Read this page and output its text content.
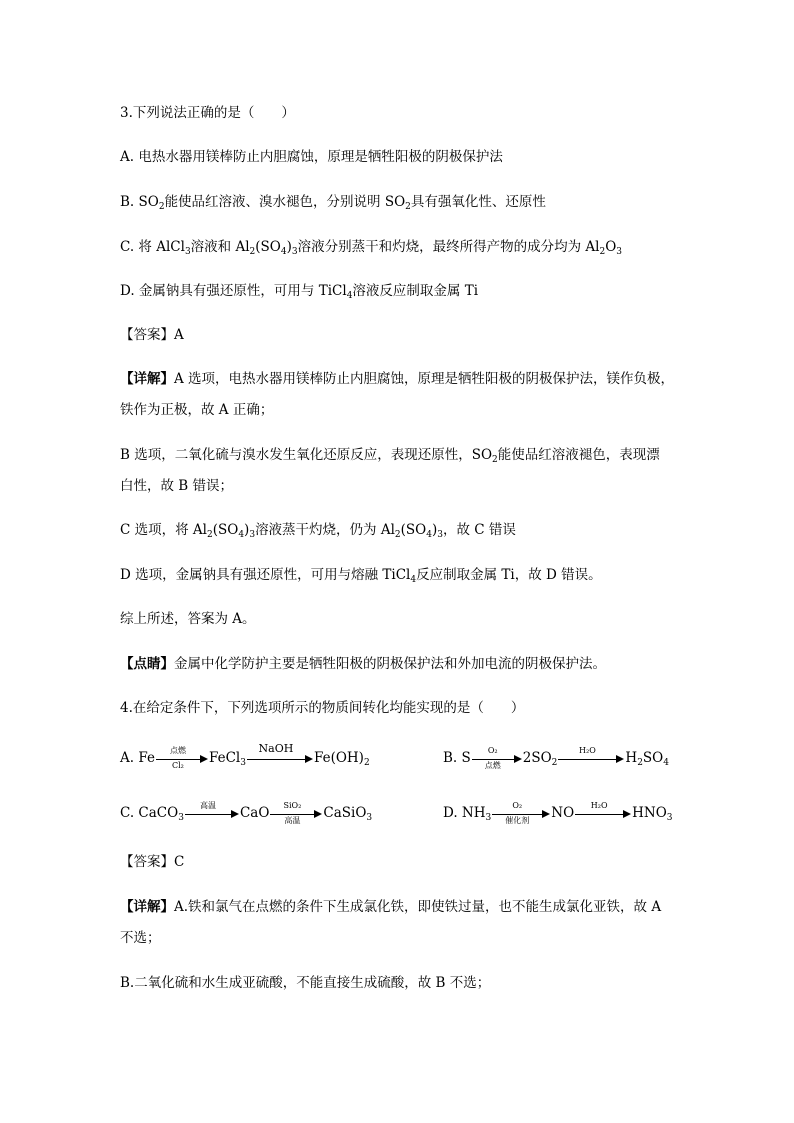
3.下列说法正确的是（　　）
A. 电热水器用镁棒防止内胆腐蚀，原理是牺牲阳极的阴极保护法
B. $SO_2$能使品红溶液、溴水褪色，分别说明 $SO_2$具有强氧化性、还原性
C. 将 AlCl$_3$溶液和 $Al_2(SO_4)_3$溶液分别蒸干和灼烧，最终所得产物的成分均为 $Al_2O_3$
D. 金属钠具有强还原性，可用与 TiCl$_4$溶液反应制取金属 Ti
【答案】A
【详解】A 选项，电热水器用镁棒防止内胆腐蚀，原理是牺牲阳极的阴极保护法，镁作负极，
铁作为正极，故 A 正确；
B 选项，二氧化硫与溴水发生氧化还原反应，表现还原性，$SO_2$能使品红溶液褪色，表现漂
白性，故 B 错误；
C 选项，将 $Al_2(SO_4)_3$溶液蒸干灼烧，仍为 $Al_2(SO_4)_3$，故 C 错误
D 选项，金属钠具有强还原性，可用与熔融 TiCl$_4$反应制取金属 Ti，故 D 错误。
综上所述，答案为 A。
【点睛】金属中化学防护主要是牺牲阳极的阴极保护法和外加电流的阴极保护法。
4.在给定条件下，下列选项所示的物质间转化均能实现的是（　　）
A. Fe	点燃
Cl₂	FeCl$_3$
NaOH
$Fe(OH)_2$	B. S	O₂
点燃	$2SO_2$
H₂O	$H_2SO_4$
C. CaCO$_3$
高温	CaO	SiO₂
高温	CaSiO$_3$	D. $NH_3$
O₂
催化剂	NO	H₂O	$HNO_3$
【答案】C
【详解】A.铁和氯气在点燃的条件下生成氯化铁，即使铁过量，也不能生成氯化亚铁，故 A
不选；
B.二氧化硫和水生成亚硫酸，不能直接生成硫酸，故 B 不选；
